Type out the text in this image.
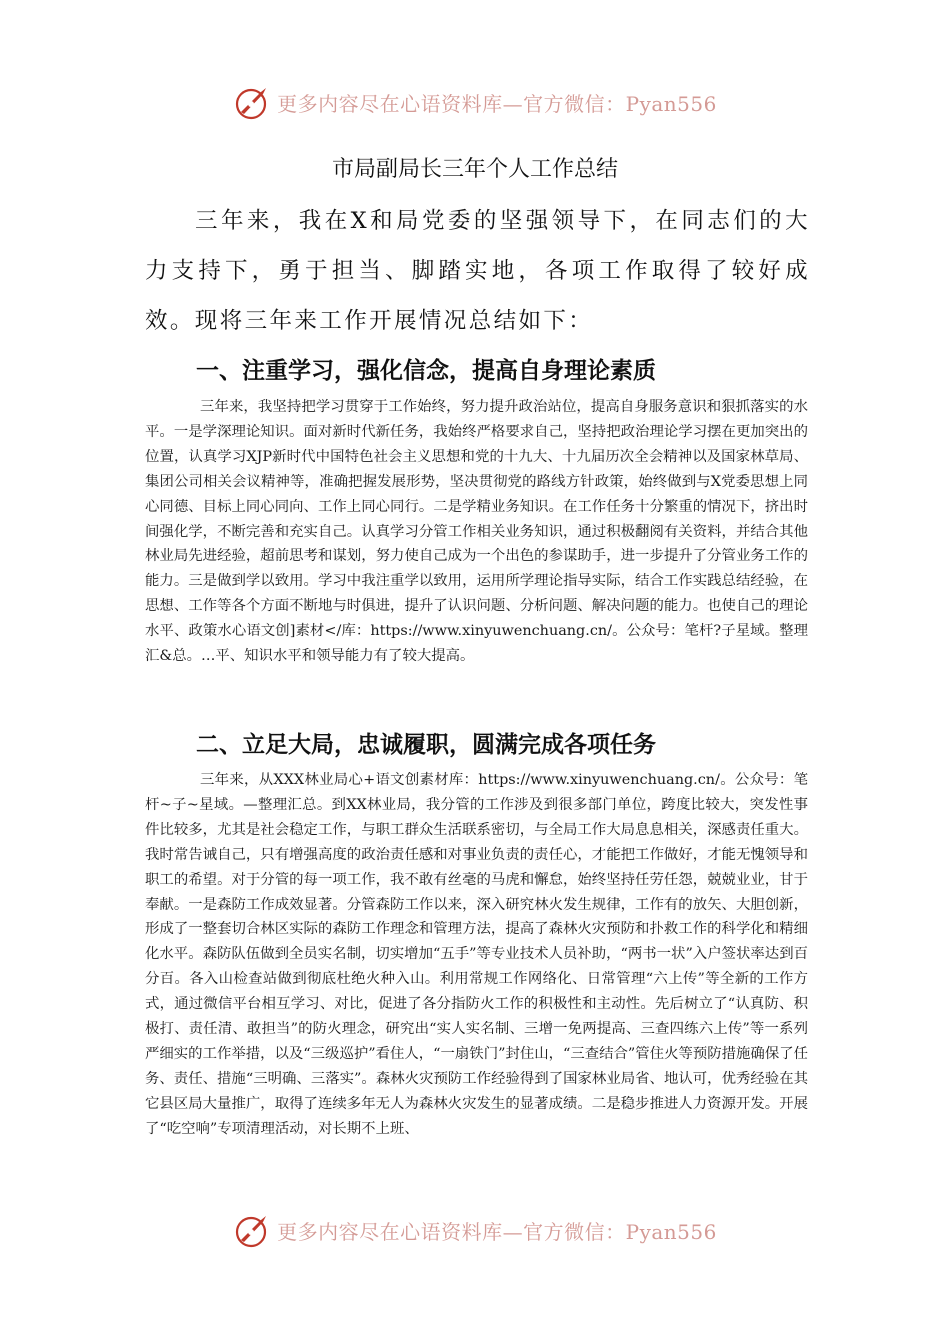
更多内容尽在心语资料库—官方微信：Pyan556
市局副局长三年个人工作总结

三年来，我在X和局党委的坚强领导下，在同志们的大力支持下，勇于担当、脚踏实地，各项工作取得了较好成效。现将三年来工作开展情况总结如下：

一、注重学习，强化信念，提高自身理论素质

三年来，我坚持把学习贯穿于工作始终，努力提升政治站位，提高自身服务意识和狠抓落实的水平。一是学深理论知识。面对新时代新任务，我始终严格要求自己，坚持把政治理论学习摆在更加突出的位置，认真学习XJP新时代中国特色社会主义思想和党的十九大、十九届历次全会精神以及国家林草局、集团公司相关会议精神等，准确把握发展形势，坚决贯彻党的路线方针政策，始终做到与X党委思想上同心同德、目标上同心同向、工作上同心同行。二是学精业务知识。在工作任务十分繁重的情况下，挤出时间强化学，不断完善和充实自己。认真学习分管工作相关业务知识，通过积极翻阅有关资料，并结合其他林业局先进经验，超前思考和谋划，努力使自己成为一个出色的参谋助手，进一步提升了分管业务工作的能力。三是做到学以致用。学习中我注重学以致用，运用所学理论指导实际，结合工作实践总结经验，在思想、工作等各个方面不断地与时俱进，提升了认识问题、分析问题、解决问题的能力。也使自己的理论水平、政策水心语文创]素材</库：https://www.xinyuwenchuang.cn/。公众号：笔杆?子星域。整理汇&总。…平、知识水平和领导能力有了较大提高。

二、立足大局，忠诚履职，圆满完成各项任务

三年来，从XXX林业局心+语文创素材库：https://www.xinyuwenchuang.cn/。公众号：笔杆~子~星域。—整理汇总。到XX林业局，我分管的工作涉及到很多部门单位，跨度比较大，突发性事件比较多，尤其是社会稳定工作，与职工群众生活联系密切，与全局工作大局息息相关，深感责任重大。我时常告诫自己，只有增强高度的政治责任感和对事业负责的责任心，才能把工作做好，才能无愧领导和职工的希望。对于分管的每一项工作，我不敢有丝毫的马虎和懈怠，始终坚持任劳任怨，兢兢业业，甘于奉献。一是森防工作成效显著。分管森防工作以来，深入研究林火发生规律，工作有的放矢、大胆创新，形成了一整套切合林区实际的森防工作理念和管理方法，提高了森林火灾预防和扑救工作的科学化和精细化水平。森防队伍做到全员实名制，切实增加“五手”等专业技术人员补助，“两书一状”入户签状率达到百分百。各入山检查站做到彻底杜绝火种入山。利用常规工作网络化、日常管理“六上传”等全新的工作方式，通过微信平台相互学习、对比，促进了各分指防火工作的积极性和主动性。先后树立了“认真防、积极打、责任清、敢担当”的防火理念，研究出“实人实名制、三增一免两提高、三查四练六上传”等一系列严细实的工作举措，以及“三级巡护”看住人，“一扇铁门”封住山，“三查结合”管住火等预防措施确保了任务、责任、措施“三明确、三落实”。森林火灾预防工作经验得到了国家林业局省、地认可，优秀经验在其它县区局大量推广，取得了连续多年无人为森林火灾发生的显著成绩。二是稳步推进人力资源开发。开展了“吃空响”专项清理活动，对长期不上班、

更多内容尽在心语资料库—官方微信：Pyan556
